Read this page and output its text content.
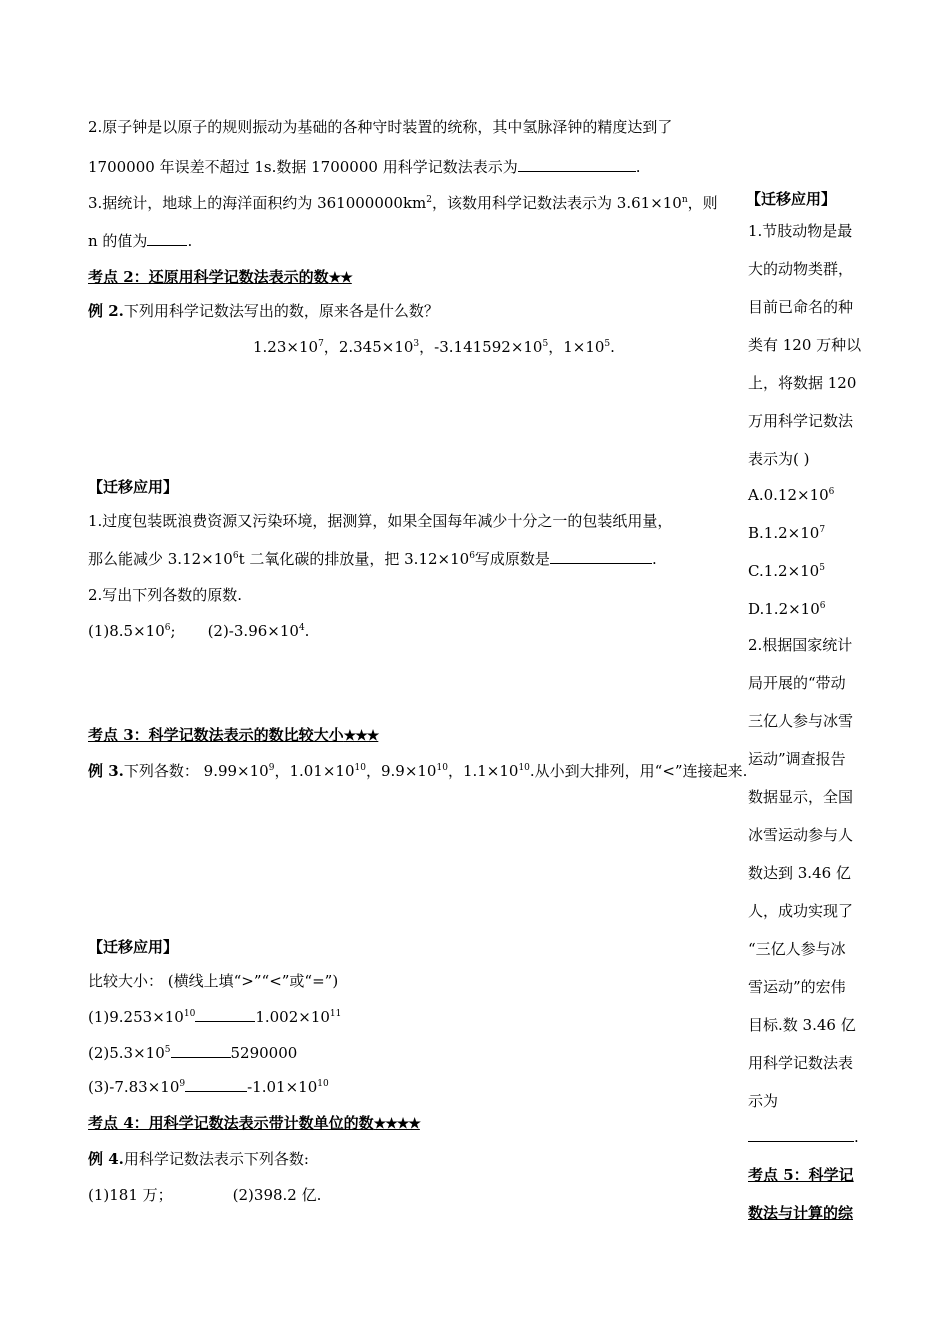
2.原子钟是以原子的规则振动为基础的各种守时装置的统称，其中氢脉泽钟的精度达到了
1700000 年误差不超过 1s.数据 1700000 用科学记数法表示为	.
3.据统计，地球上的海洋面积约为 $361000000km^2$，该数用科学记数法表示为 $3.61\times 10^n$，则
n 的值为	.
考点 2：还原用科学记数法表示的数★★
例 2.下列用科学记数法写出的数，原来各是什么数？
$1.23\times 10^7$，$2.345\times 10^3$，$-3.141592\times 10^5$，$1\times 10^5$.
【迁移应用】
1.过度包装既浪费资源又污染环境，据测算，如果全国每年减少十分之一的包装纸用量，
那么能减少 $3.12\times 10^6t$ 二氧化碳的排放量，把 $3.12\times 10^6$写成原数是	.
2.写出下列各数的原数.
$(1)8.5\times 10^6$; $(2)-3.96\times 10^4$.
考点 3：科学记数法表示的数比较大小★★★
例 3.下列各数： $9.99\times 10^9$，$1.01\times 10^{10}$，$9.9\times 10^{10}$，$1.1\times 10^{10}$.从小到大排列，用“<”连接起来.
【迁移应用】
比较大小： (横线上填“>”“<”或“=”)
$(1)9.253\times 10^{10}$	$1.002\times 10^{11}$
$(2)5.3\times 10^5$	5290000
$(3)-7.83\times 10^9$	$-1.01\times 10^{10}$
考点 4：用科学记数法表示带计数单位的数★★★★
例 4.用科学记数法表示下列各数:
(1)181 万；	(2)398.2 亿.
【迁移应用】
1.节肢动物是最
大的动物类群，
目前已命名的种
类有 120 万种以
上，将数据 120
万用科学记数法
表示为( )
$A.0.12\times 10^6$
$B.1.2\times 10^7$
$C.1.2\times 10^5$
$D.1.2\times 10^6$
2.根据国家统计
局开展的“带动
三亿人参与冰雪
运动”调查报告
数据显示，全国
冰雪运动参与人
数达到 3.46 亿
人，成功实现了
“三亿人参与冰
雪运动”的宏伟
目标.数 3.46 亿
用科学记数法表
示为
.
考点 5：科学记
数法与计算的综
